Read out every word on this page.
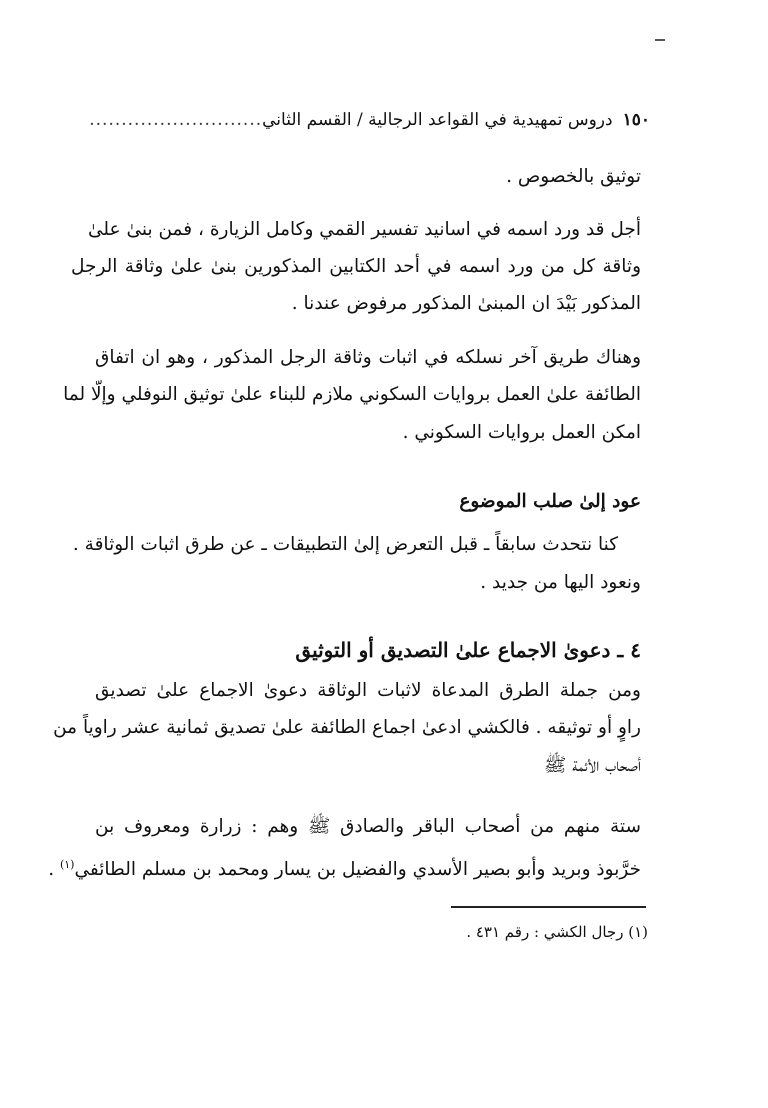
١٥٠
دروس تمهيدية في القواعد الرجالية / القسم الثاني
...........................
توثيق بالخصوص .
أجل قد ورد اسمه في اسانيد تفسير القمي وكامل الزيارة ، فمن بنىٰ علىٰ
وثاقة كل من ورد اسمه في أحد الكتابين المذكورين بنىٰ علىٰ وثاقة الرجل
المذكور بَيْدَ ان المبنىٰ المذكور مرفوض عندنا .
وهناك طريق آخر نسلكه في اثبات وثاقة الرجل المذكور ، وهو ان اتفاق
الطائفة علىٰ العمل بروايات السكوني ملازم للبناء علىٰ توثيق النوفلي وإلّا لما
امكن العمل بروايات السكوني .
عود إلىٰ صلب الموضوع
كنا نتحدث سابقاً ـ قبل التعرض إلىٰ التطبيقات ـ عن طرق اثبات الوثاقة .
ونعود اليها من جديد .
٤ ـ دعوىٰ الاجماع علىٰ التصديق أو التوثيق
ومن جملة الطرق المدعاة لاثبات الوثاقة دعوىٰ الاجماع علىٰ تصديق
راوٍ أو توثيقه . فالكشي ادعىٰ اجماع الطائفة علىٰ تصديق ثمانية عشر راوياً من
أصحاب الأئمة ﷺ
ستة منهم من أصحاب الباقر والصادق ﷺ وهم : زرارة ومعروف بن
خرَّبوذ وبريد وأبو بصير الأسدي والفضيل بن يسار ومحمد بن مسلم الطائفي$^{(١)}$ .
(١) رجال الكشي : رقم ٤٣١ .
